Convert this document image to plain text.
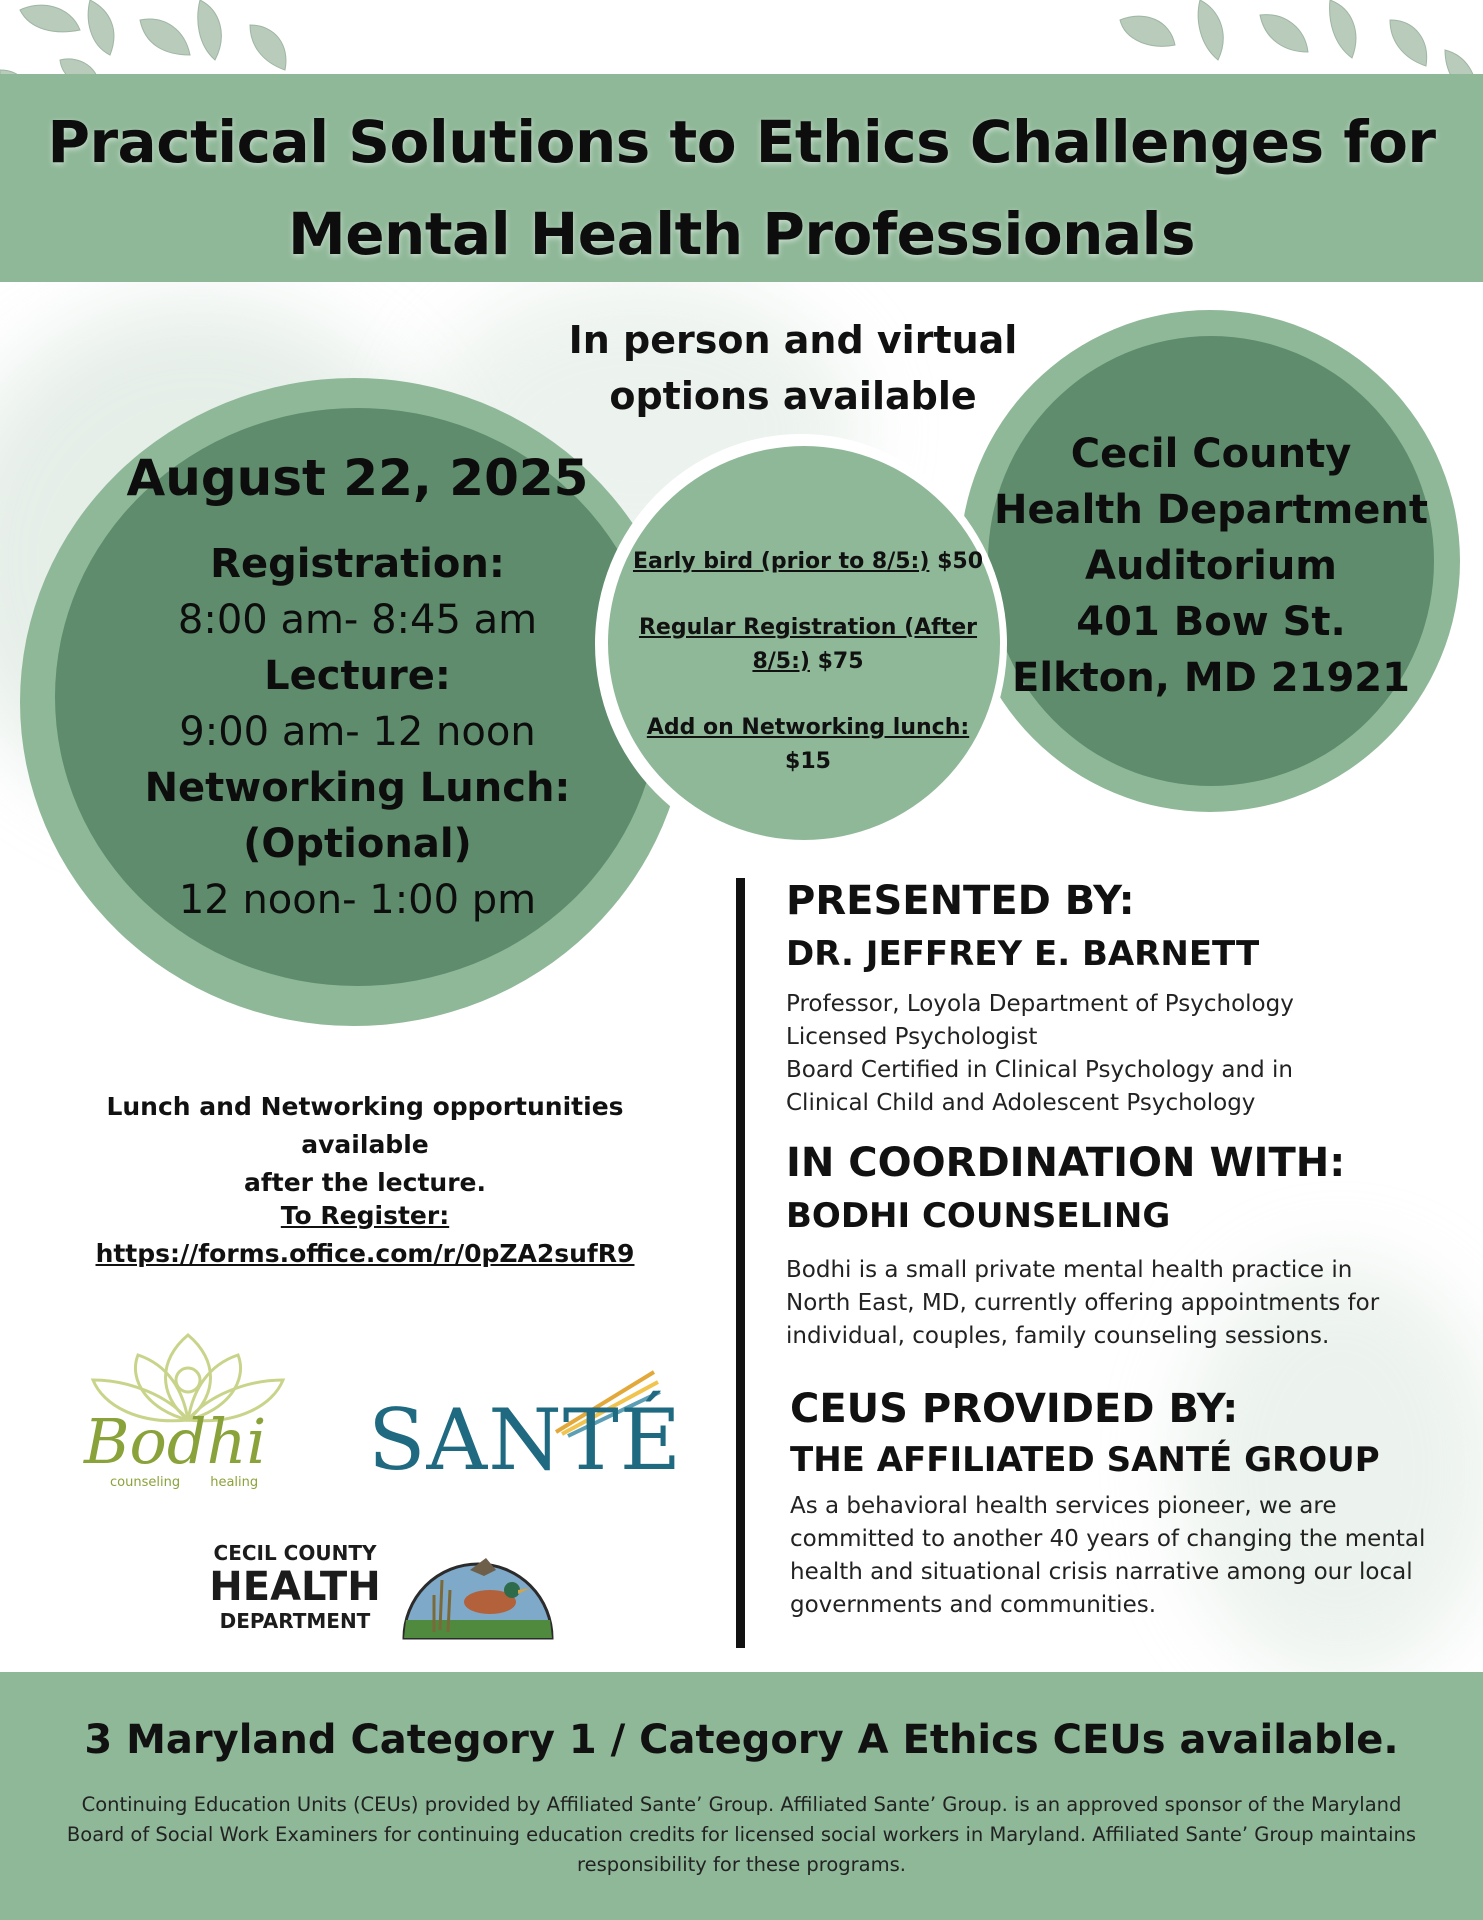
Practical Solutions to Ethics Challenges for
Mental Health Professionals
In person and virtual
options available
Cecil County
Health Department
Auditorium
401 Bow St.
Elkton, MD 21921
August 22, 2025
Registration:
8:00 am- 8:45 am
Lecture:
9:00 am- 12 noon
Networking Lunch:
(Optional)
12 noon- 1:00 pm
Early bird (prior to 8/5:) $50
Regular Registration (After
8/5:) $75
Add on Networking lunch:
$15
PRESENTED BY:
DR. JEFFREY E. BARNETT
Professor, Loyola Department of Psychology
Licensed Psychologist
Board Certified in Clinical Psychology and in
Clinical Child and Adolescent Psychology
IN COORDINATION WITH:
BODHI COUNSELING
Bodhi is a small private mental health practice in
North East, MD, currently offering appointments for
individual, couples, family counseling sessions.
CEUS PROVIDED BY:
THE AFFILIATED SANTÉ GROUP
As a behavioral health services pioneer, we are
committed to another 40 years of changing the mental
health and situational crisis narrative among our local
governments and communities.
Lunch and Networking opportunities available
after the lecture.
To Register:
https://forms.office.com/r/0pZA2sufR9
Bodhi
counseling healing SANTÉ
CECIL COUNTY
HEALTH
DEPARTMENT
3 Maryland Category 1 / Category A Ethics CEUs available.
Continuing Education Units (CEUs) provided by Affiliated Sante’ Group. Affiliated Sante’ Group. is an approved sponsor of the Maryland
Board of Social Work Examiners for continuing education credits for licensed social workers in Maryland. Affiliated Sante’ Group maintains
responsibility for these programs.
